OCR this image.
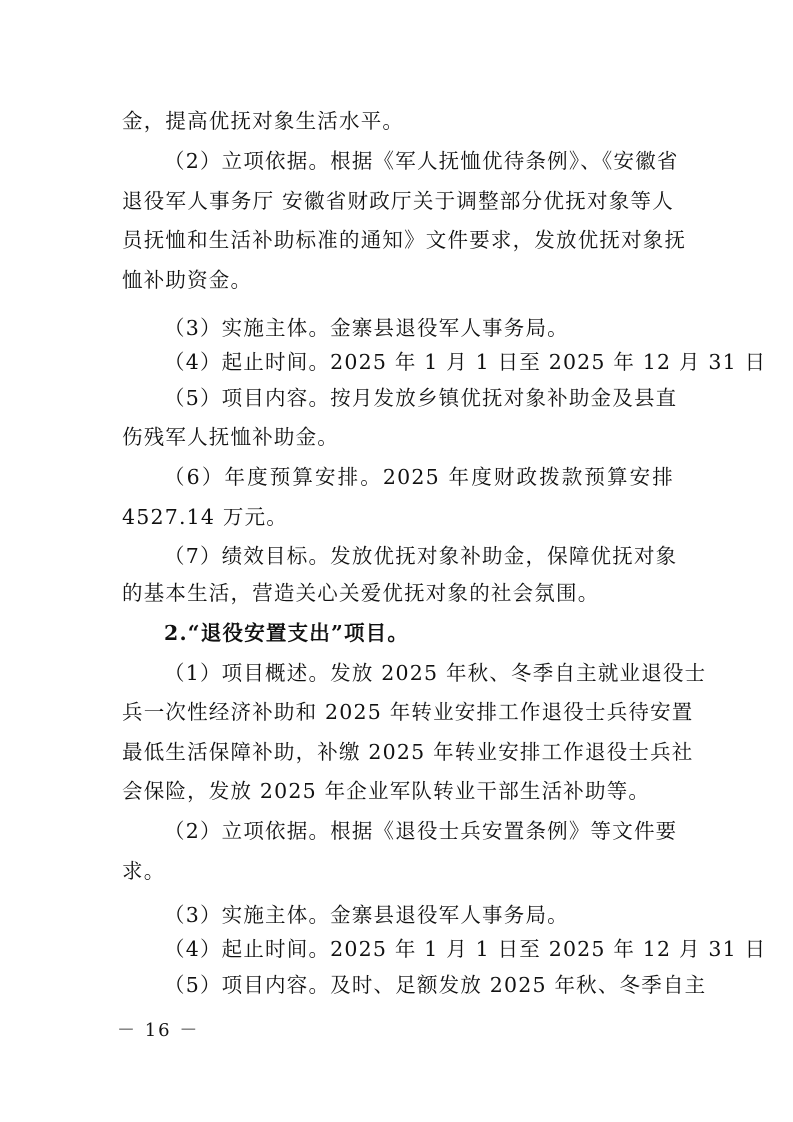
金，提高优抚对象生活水平。
（2）立项依据。根据《军人抚恤优待条例》、《安徽省
退役军人事务厅 安徽省财政厅关于调整部分优抚对象等人
员抚恤和生活补助标准的通知》文件要求，发放优抚对象抚
恤补助资金。
（3）实施主体。金寨县退役军人事务局。
（4）起止时间。2025 年 1 月 1 日至 2025 年 12 月 31 日
（5）项目内容。按月发放乡镇优抚对象补助金及县直
伤残军人抚恤补助金。
（6）年度预算安排。2025 年度财政拨款预算安排
4527.14 万元。
（7）绩效目标。发放优抚对象补助金，保障优抚对象
的基本生活，营造关心关爱优抚对象的社会氛围。
2.“退役安置支出”项目。
（1）项目概述。发放 2025 年秋、冬季自主就业退役士
兵一次性经济补助和 2025 年转业安排工作退役士兵待安置
最低生活保障补助，补缴 2025 年转业安排工作退役士兵社
会保险，发放 2025 年企业军队转业干部生活补助等。
（2）立项依据。根据《退役士兵安置条例》等文件要
求。
（3）实施主体。金寨县退役军人事务局。
（4）起止时间。2025 年 1 月 1 日至 2025 年 12 月 31 日
（5）项目内容。及时、足额发放 2025 年秋、冬季自主
－ 16 －
